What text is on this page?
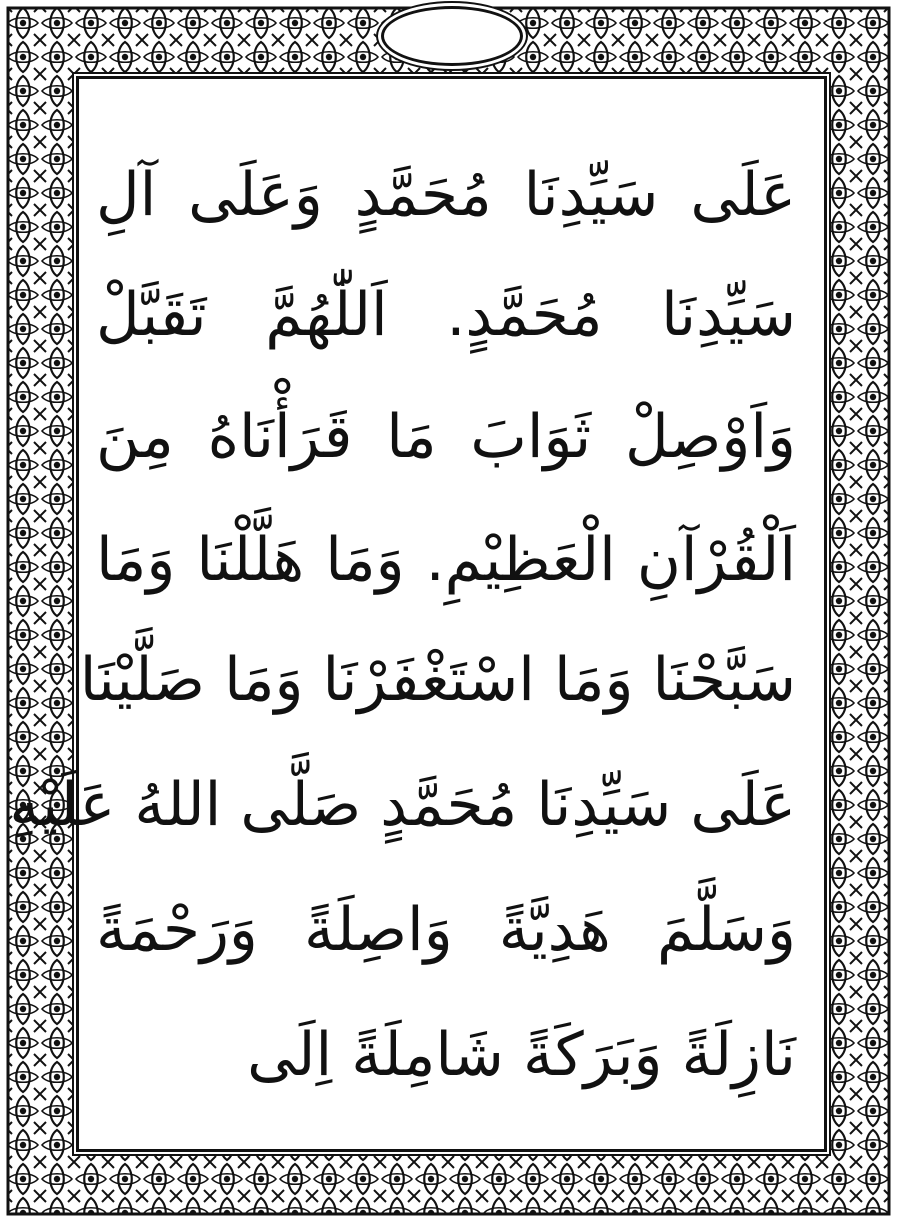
عَلَى سَيِّدِنَا مُحَمَّدٍ وَعَلَى آلِ
سَيِّدِنَا مُحَمَّدٍ. اَللّٰهُمَّ تَقَبَّلْ
وَاَوْصِلْ ثَوَابَ مَا قَرَأْنَاهُ مِنَ
اَلْقُرْآنِ الْعَظِيْمِ. وَمَا هَلَّلْنَا وَمَا
سَبَّحْنَا وَمَا اسْتَغْفَرْنَا وَمَا صَلَّيْنَا
عَلَى سَيِّدِنَا مُحَمَّدٍ صَلَّى اللهُ عَلَيْهِ
وَسَلَّمَ هَدِيَّةً وَاصِلَةً وَرَحْمَةً
نَازِلَةً وَبَرَكَةً شَامِلَةً اِلَى
